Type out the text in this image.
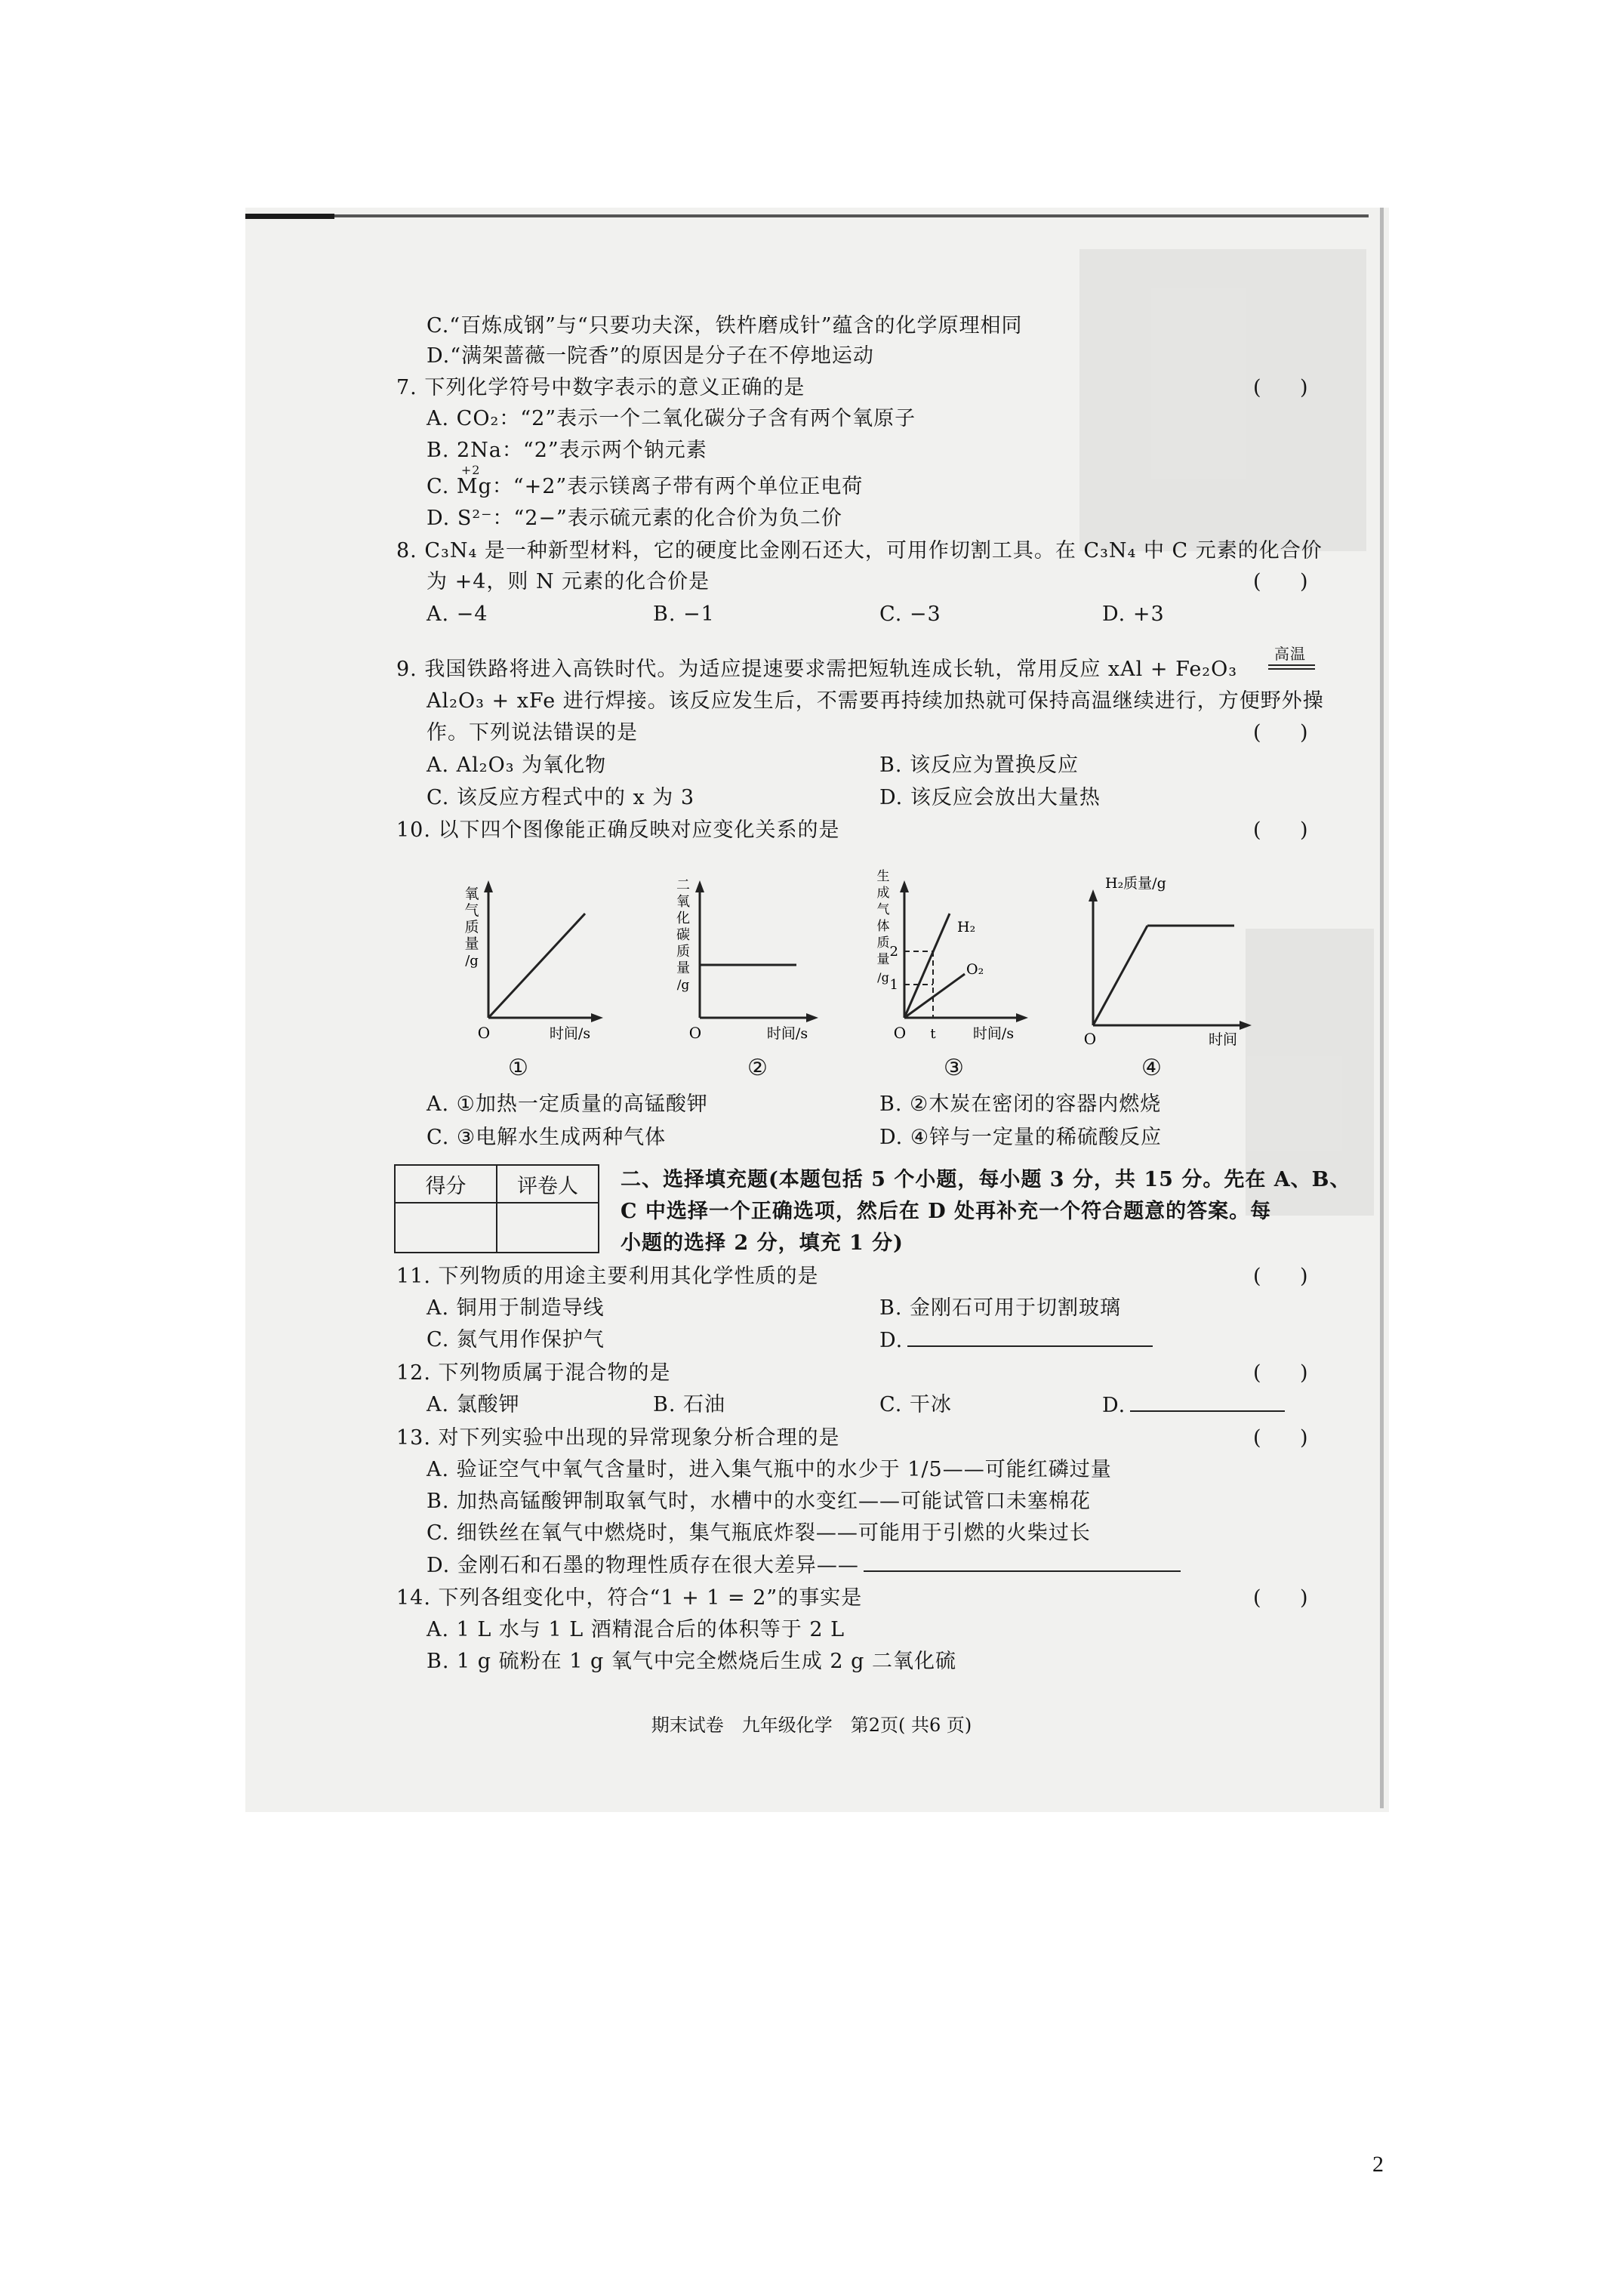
C.“百炼成钢”与“只要功夫深，铁杵磨成针”蕴含的化学原理相同
D.“满架蔷薇一院香”的原因是分子在不停地运动
7. 下列化学符号中数字表示的意义正确的是	(      )
A. CO₂：“2”表示一个二氧化碳分子含有两个氧原子
B. 2Na：“2”表示两个钠元素
C.
+2
Mg：“+2”表示镁离子带有两个单位正电荷
D. S²⁻：“2−”表示硫元素的化合价为负二价
8. C₃N₄ 是一种新型材料，它的硬度比金刚石还大，可用作切割工具。在 C₃N₄ 中 C 元素的化合价
为 +4，则 N 元素的化合价是	(      )
A. −4	B. −1	C. −3	D. +3
9. 我国铁路将进入高铁时代。为适应提速要求需把短轨连成长轨，常用反应 xAl + Fe₂O₃
高温
Al₂O₃ + xFe 进行焊接。该反应发生后，不需要再持续加热就可保持高温继续进行，方便野外操
作。下列说法错误的是	(      )
A. Al₂O₃ 为氧化物	B. 该反应为置换反应
C. 该反应方程式中的 x 为 3	D. 该反应会放出大量热
10. 以下四个图像能正确反映对应变化关系的是	(      )
氧
气
质
量
/g
O	时间/s
①
二
氧
化
碳
质
量
/g
O	时间/s
②
生
成
气
体
质
量
/g
2
1
H₂
O₂
O t	时间/s
③
H₂质量/g
O	时间
④
A. ①加热一定质量的高锰酸钾	B. ②木炭在密闭的容器内燃烧
C. ③电解水生成两种气体	D. ④锌与一定量的稀硫酸反应
得分	评卷人
	二、选择填充题(本题包括 5 个小题，每小题 3 分，共 15 分。先在 A、B、
C 中选择一个正确选项，然后在 D 处再补充一个符合题意的答案。每
小题的选择 2 分，填充 1 分)
11. 下列物质的用途主要利用其化学性质的是	(      )
A. 铜用于制造导线	B. 金刚石可用于切割玻璃
C. 氮气用作保护气	D.
12. 下列物质属于混合物的是	(      )
A. 氯酸钾	B. 石油	C. 干冰	D.
13. 对下列实验中出现的异常现象分析合理的是	(      )
A. 验证空气中氧气含量时，进入集气瓶中的水少于 1/5——可能红磷过量
B. 加热高锰酸钾制取氧气时，水槽中的水变红——可能试管口未塞棉花
C. 细铁丝在氧气中燃烧时，集气瓶底炸裂——可能用于引燃的火柴过长
D. 金刚石和石墨的物理性质存在很大差异——
14. 下列各组变化中，符合“1 + 1 = 2”的事实是	(      )
A. 1 L 水与 1 L 酒精混合后的体积等于 2 L
B. 1 g 硫粉在 1 g 氧气中完全燃烧后生成 2 g 二氧化硫
期末试卷　九年级化学　第2页( 共6 页)
2
